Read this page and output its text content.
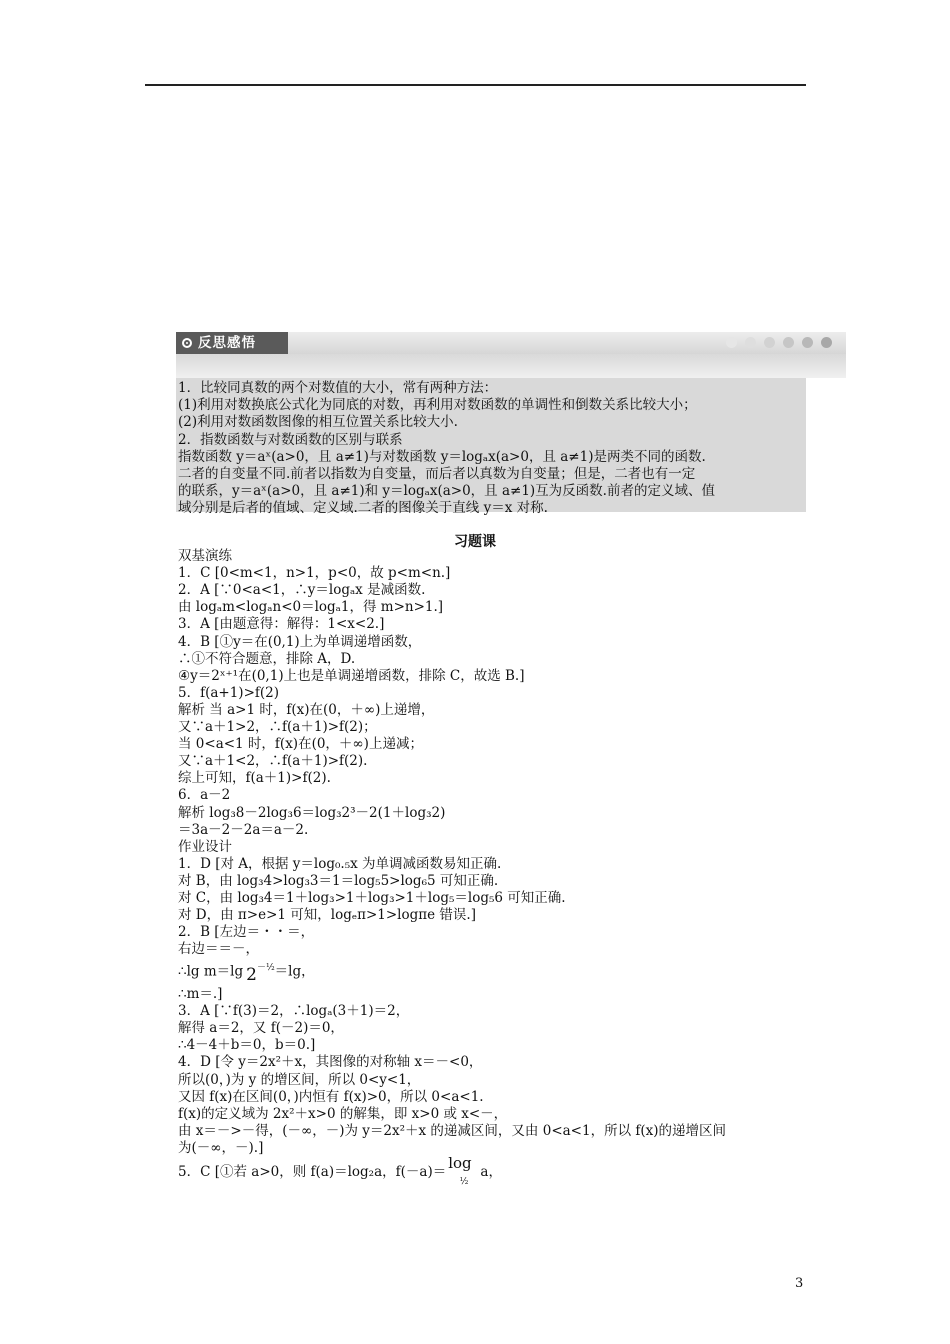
反思感悟
1．比较同真数的两个对数值的大小，常有两种方法：
(1)利用对数换底公式化为同底的对数，再利用对数函数的单调性和倒数关系比较大小；
(2)利用对数函数图像的相互位置关系比较大小.
2．指数函数与对数函数的区别与联系
指数函数 y＝aˣ(a>0，且 a≠1)与对数函数 y＝logₐx(a>0，且 a≠1)是两类不同的函数.
二者的自变量不同.前者以指数为自变量，而后者以真数为自变量；但是，二者也有一定
的联系，y＝aˣ(a>0，且 a≠1)和 y＝logₐx(a>0，且 a≠1)互为反函数.前者的定义域、值
域分别是后者的值域、定义域.二者的图像关于直线 y＝x 对称.
习题课
双基演练
1．C [0<m<1，n>1，p<0，故 p<m<n.]
2．A [∵0<a<1，∴y＝logₐx 是减函数.
由 logₐm<logₐn<0＝logₐ1，得 m>n>1.]
3．A [由题意得：解得：1<x<2.]
4．B [①y＝在(0,1)上为单调递增函数，
∴①不符合题意，排除 A，D.
④y＝2ˣ⁺¹在(0,1)上也是单调递增函数，排除 C，故选 B.]
5．f(a+1)>f(2)
解析 当 a>1 时，f(x)在(0，＋∞)上递增，
又∵a＋1>2，∴f(a＋1)>f(2)；
当 0<a<1 时，f(x)在(0，＋∞)上递减；
又∵a＋1<2，∴f(a＋1)>f(2).
综上可知，f(a＋1)>f(2).
6．a－2
解析 log₃8－2log₃6＝log₃2³－2(1＋log₃2)
＝3a－2－2a＝a－2.
作业设计
1．D [对 A，根据 y＝log₀.₅x 为单调减函数易知正确.
对 B，由 log₃4>log₃3＝1＝log₅5>log₆5 可知正确.
对 C，由 log₃4＝1＋log₃>1＋log₃>1＋log₅＝log₅6 可知正确.
对 D，由 π>e>1 可知，logₑπ>1>logπe 错误.]
2．B [左边＝・・＝，
右边＝＝－，
∴lg m＝lg $2^{-\frac{1}{2}}=\lg$，
∴m＝.]
3．A [∵f(3)＝2，∴logₐ(3＋1)＝2，
解得 a＝2，又 f(－2)＝0，
∴4－4＋b＝0，b＝0.]
4．D [令 y＝2x²＋x，其图像的对称轴 x＝－<0，
所以(0，)为 y 的增区间，所以 0<y<1，
又因 f(x)在区间(0，)内恒有 f(x)>0，所以 0<a<1.
f(x)的定义域为 2x²＋x>0 的解集，即 x>0 或 x<－，
由 x＝－>－得，(－∞，－)为 y＝2x²＋x 的递减区间，又由 0<a<1，所以 f(x)的递增区间
为(－∞，－).]
5．C [①若 a>0，则 f(a)＝log₂a，$f(-a)= \log_{\frac{1}{2}}a$，
3
